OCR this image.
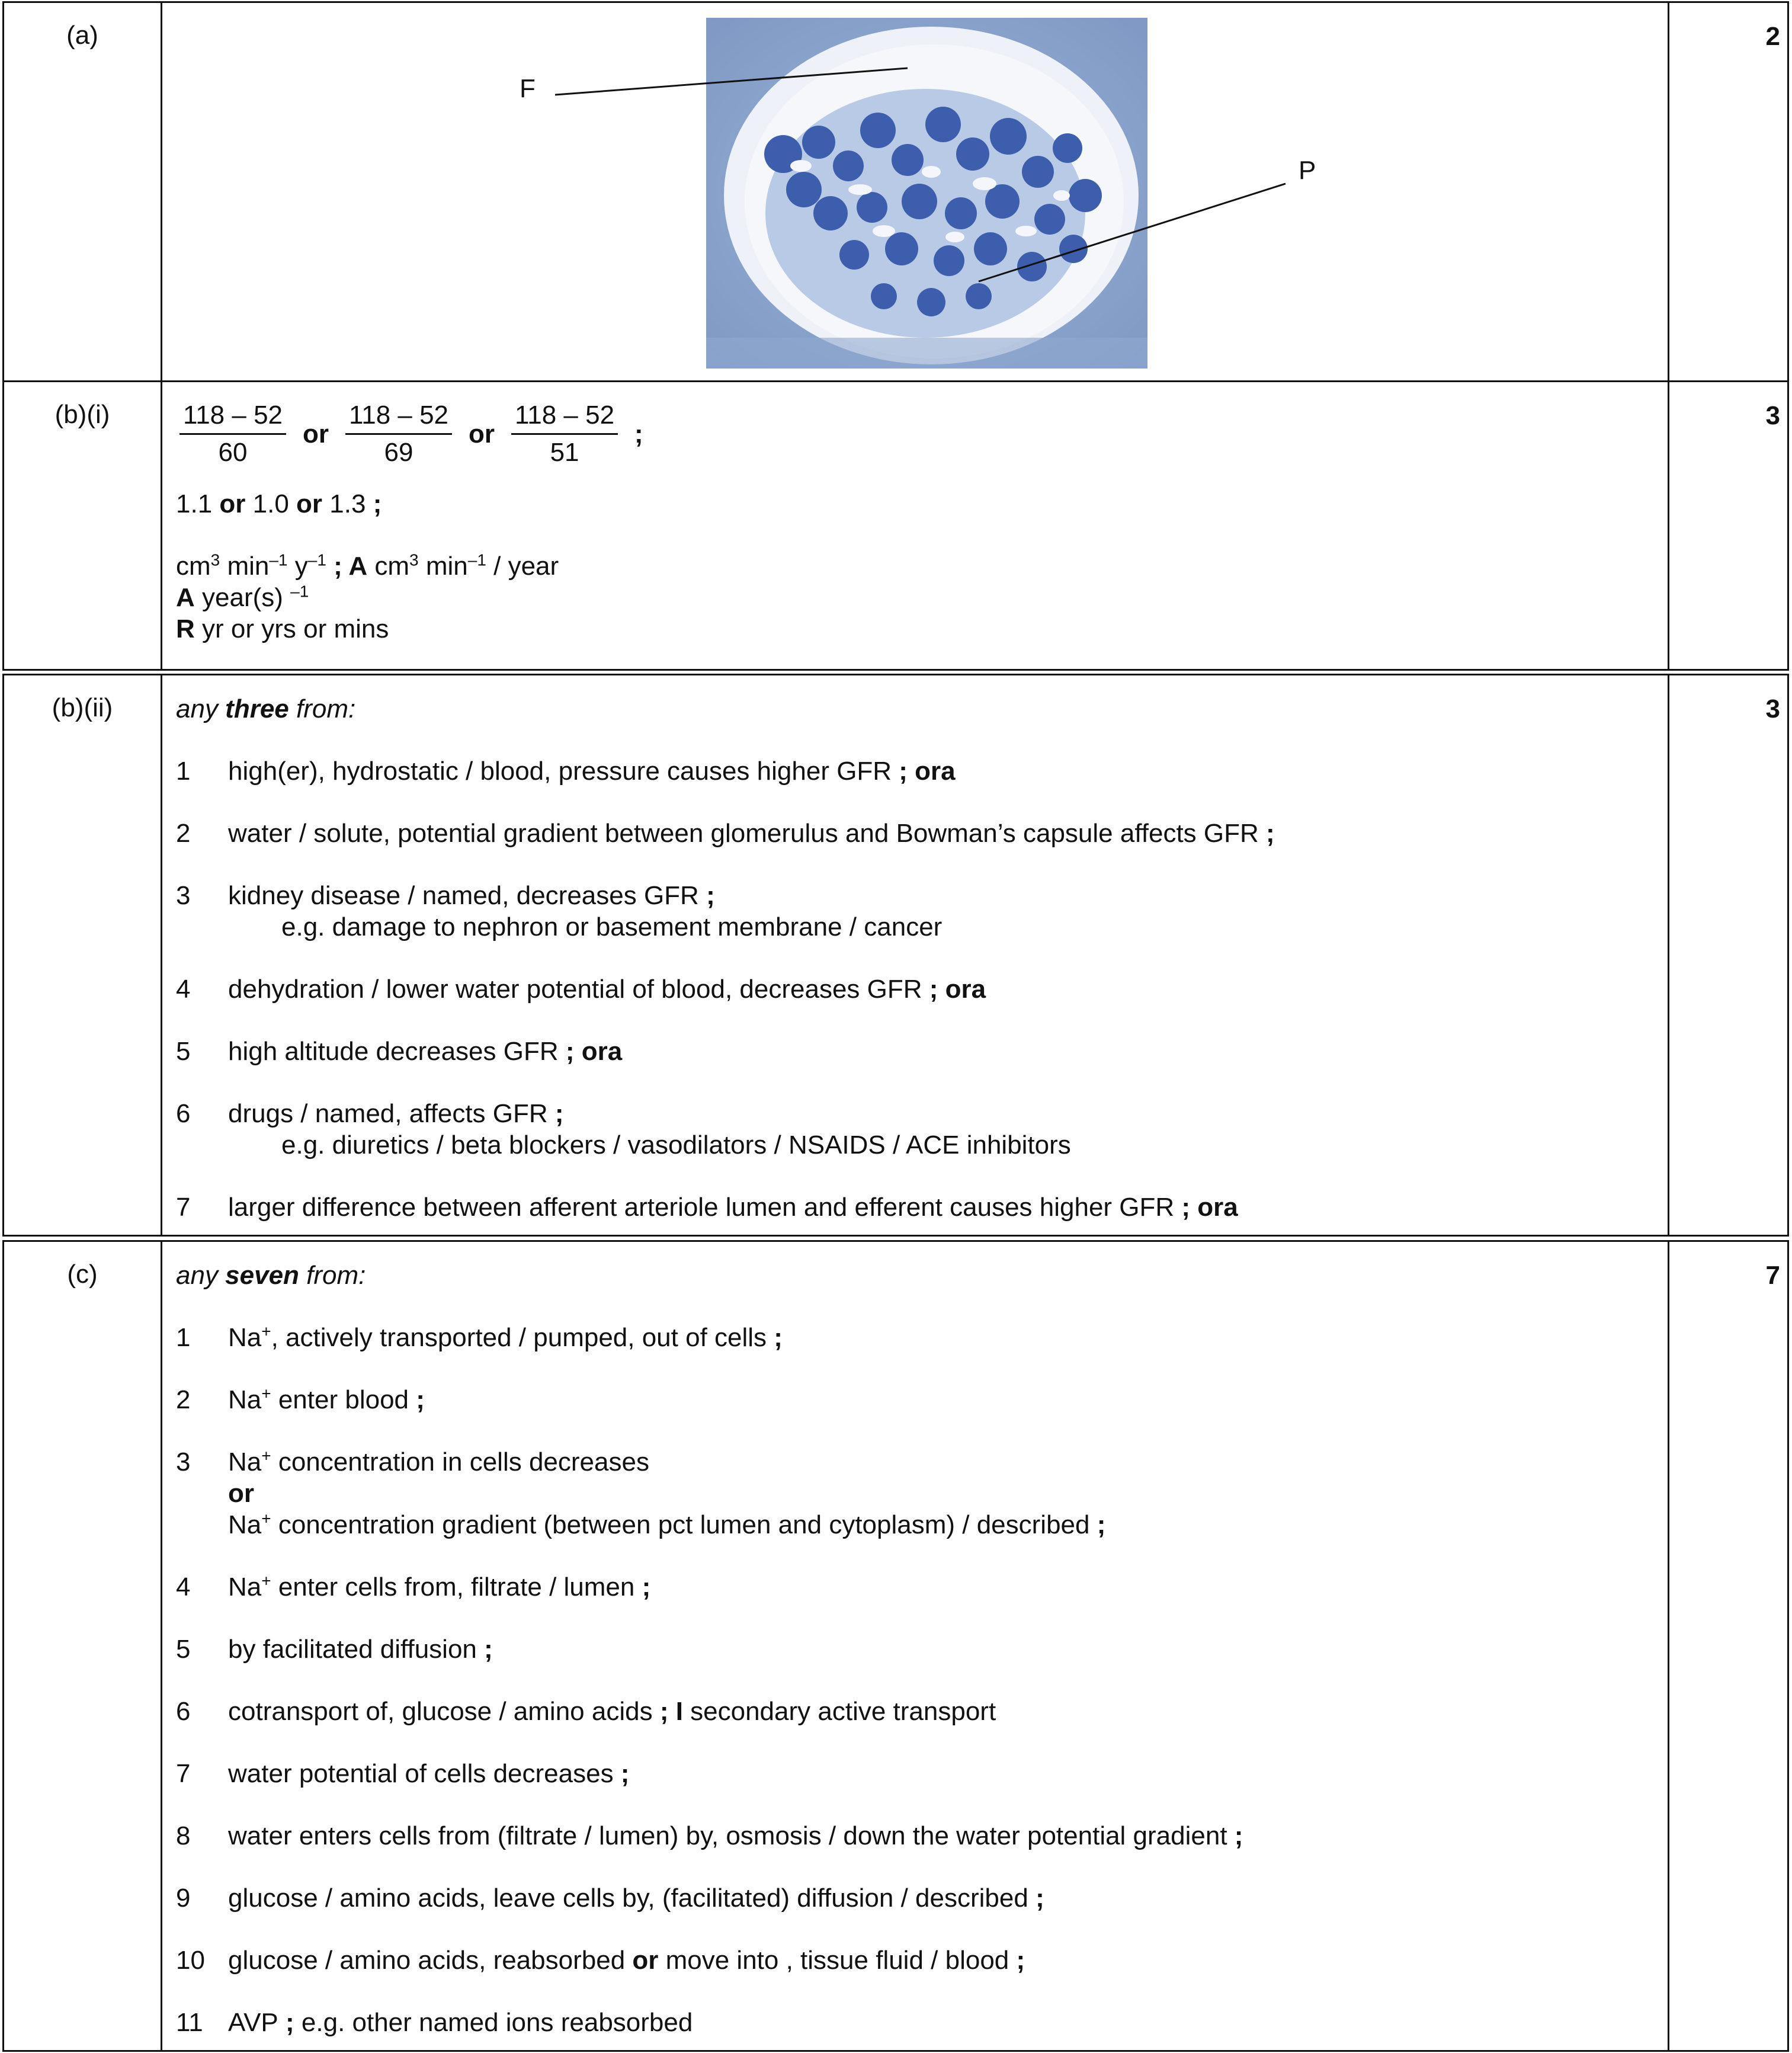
(a)	2
F
P
(b)(i)	3
$\frac{118 - 52}{60}$ or $\frac{118 - 52}{69}$ or $\frac{118 - 52}{51}$ ;

1.1 or 1.0 or 1.3 ;

$cm^3$ $\min^{-1} y^{-1}$ ; A $cm^3$ $\min^{-1}$ / year

A year(s) $^{-1}$

R yr or yrs or mins

(b)(ii)	3

any three from:

1 high(er), hydrostatic / blood, pressure causes higher GFR ; ora

2 water / solute, potential gradient between glomerulus and Bowman’s capsule affects GFR ;

3 kidney disease / named, decreases GFR ;
e.g. damage to nephron or basement membrane / cancer

4 dehydration / lower water potential of blood, decreases GFR ; ora

5 high altitude decreases GFR ; ora

6 drugs / named, affects GFR ;
e.g. diuretics / beta blockers / vasodilators / NSAIDS / ACE inhibitors

7 larger difference between afferent arteriole lumen and efferent causes higher GFR ; ora

(c)	7

any seven from:

1 Na+, actively transported / pumped, out of cells ;

2 Na+ enter blood ;

3 Na+ concentration in cells decreases
or
Na+ concentration gradient (between pct lumen and cytoplasm) / described ;

4 Na+ enter cells from, filtrate / lumen ;

5 by facilitated diffusion ;

6 cotransport of, glucose / amino acids ; I secondary active transport

7 water potential of cells decreases ;

8 water enters cells from (filtrate / lumen) by, osmosis / down the water potential gradient ;

9 glucose / amino acids, leave cells by, (facilitated) diffusion / described ;

10 glucose / amino acids, reabsorbed or move into , tissue fluid / blood ;

11 AVP ; e.g. other named ions reabsorbed
